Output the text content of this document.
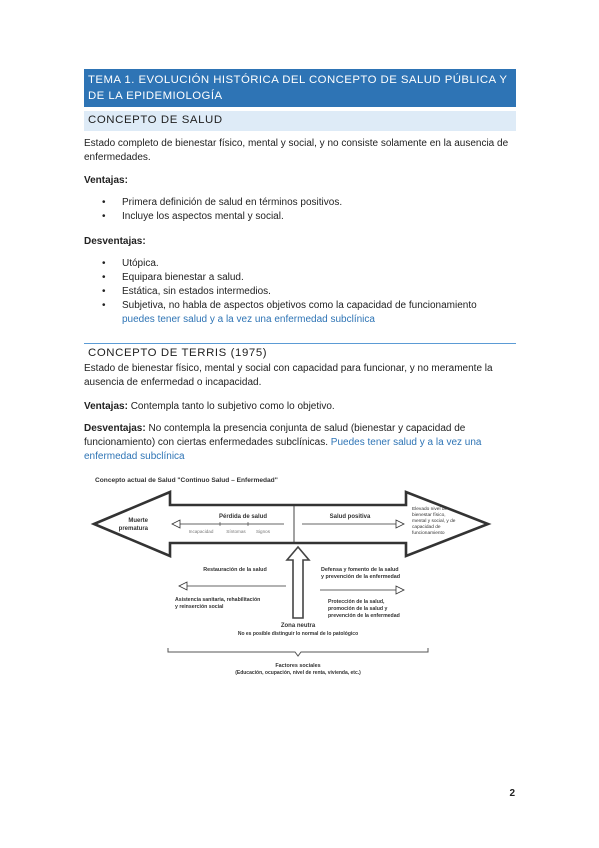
TEMA 1. EVOLUCIÓN HISTÓRICA DEL CONCEPTO DE SALUD PÚBLICA Y DE LA EPIDEMIOLOGÍA
CONCEPTO DE SALUD
Estado completo de bienestar físico, mental y social, y no consiste solamente en la ausencia de enfermedades.
Ventajas:
• Primera definición de salud en términos positivos.
• Incluye los aspectos mental y social.
Desventajas:
• Utópica.
• Equipara bienestar a salud.
• Estática, sin estados intermedios.
• Subjetiva, no habla de aspectos objetivos como la capacidad de funcionamiento
puedes tener salud y a la vez una enfermedad subclínica
CONCEPTO DE TERRIS (1975)
Estado de bienestar físico, mental y social con capacidad para funcionar, y no meramente la ausencia de enfermedad o incapacidad.
Ventajas: Contempla tanto lo subjetivo como lo objetivo.
Desventajas: No contempla la presencia conjunta de salud (bienestar y capacidad de funcionamiento) con ciertas enfermedades subclínicas. Puedes tener salud y a la vez una enfermedad subclínica
Concepto actual de Salud "Continuo Salud – Enfermedad"
Muerte
prematura
Pérdida de salud
Incapacidad	Síntomas Signos
Salud positiva
Elevado nivel de
bienestar físico,
mental y social, y de
capacidad de
funcionamiento
Restauración de la salud
Asistencia sanitaria, rehabilitación
y reinserción social
Defensa y fomento de la salud
y prevención de la enfermedad
Protección de la salud,
promoción de la salud y
prevención de la enfermedad
Zona neutra
No es posible distinguir lo normal de lo patológico
Factores sociales
(Educación, ocupación, nivel de renta, vivienda, etc.)
2
